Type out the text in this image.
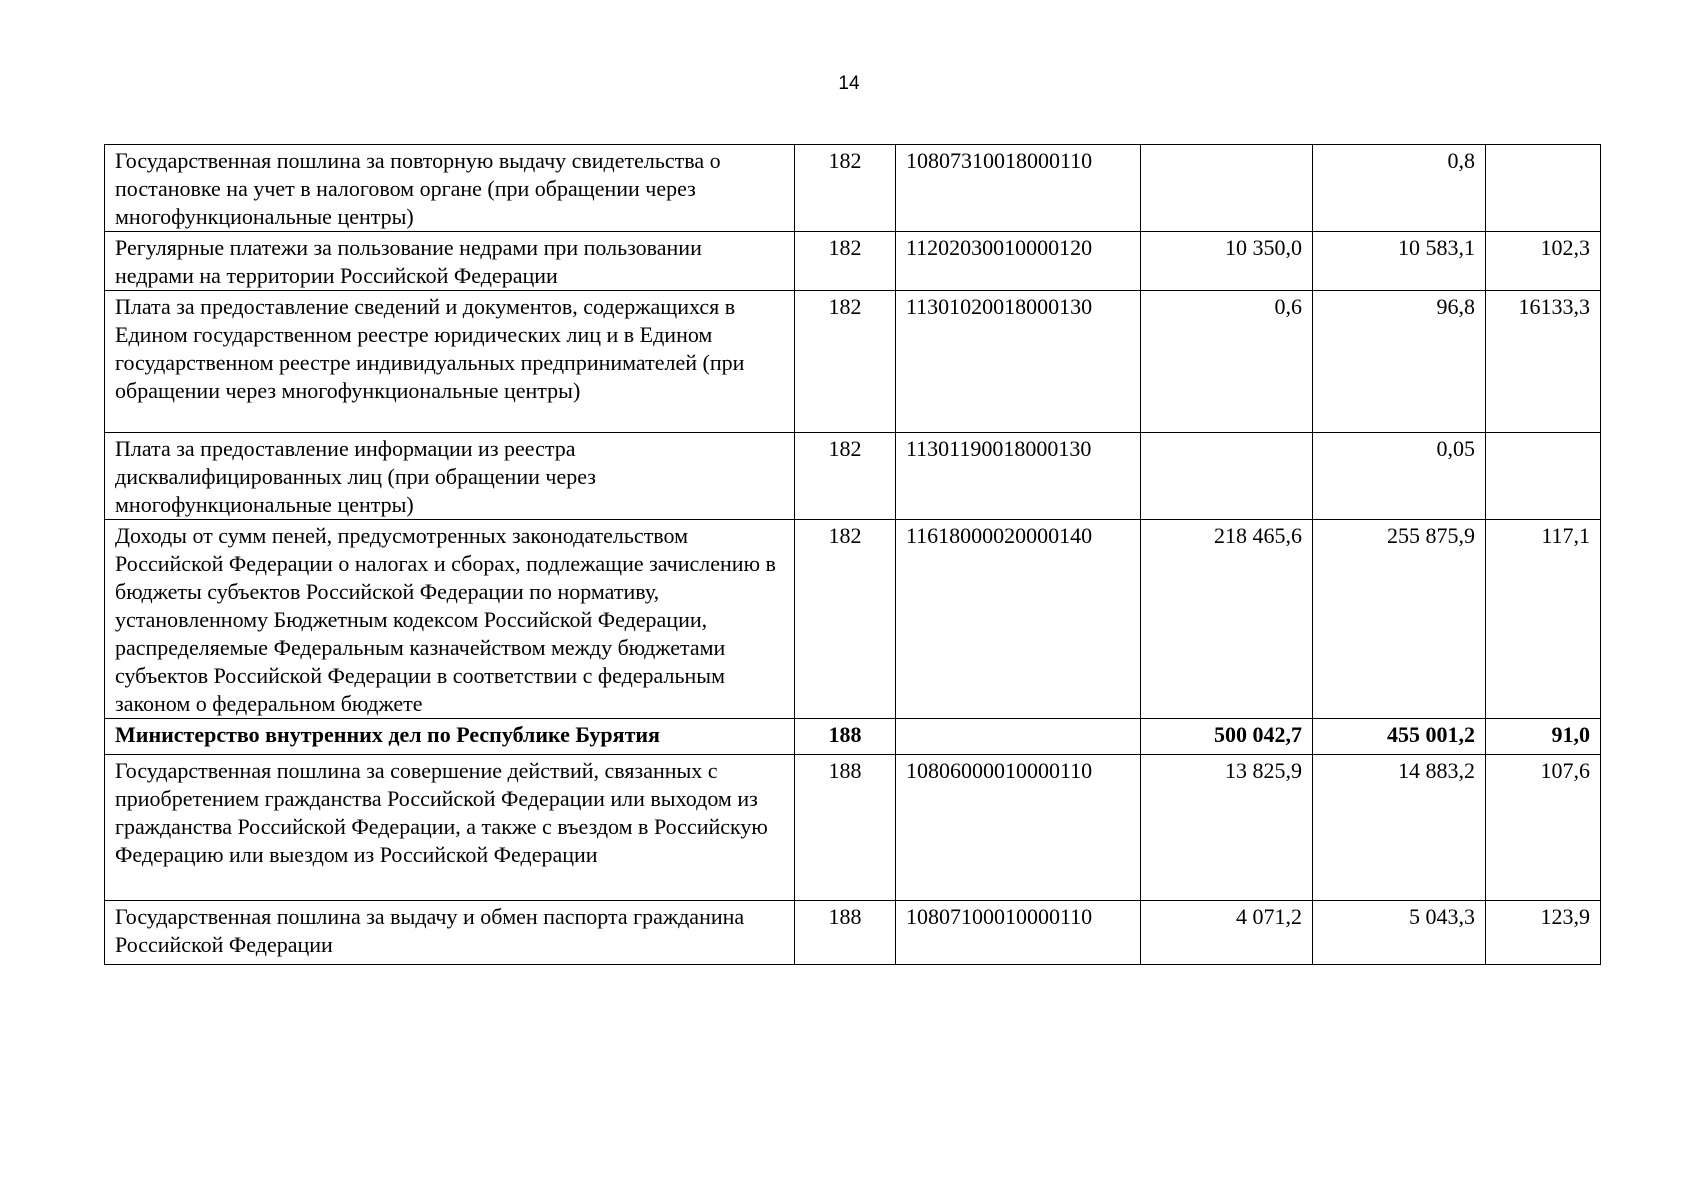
14
Государственная пошлина за повторную выдачу свидетельства о постановке на учет в налоговом органе (при обращении через многофункциональные центры)	182	10807310018000110		0,8	
Регулярные платежи за пользование недрами при пользовании недрами на территории Российской Федерации	182	11202030010000120	10 350,0	10 583,1	102,3
Плата за предоставление сведений и документов, содержащихся в Едином государственном реестре юридических лиц и в Едином государственном реестре индивидуальных предпринимателей (при обращении через многофункциональные центры)	182	11301020018000130	0,6	96,8	16133,3
Плата за предоставление информации из реестра дисквалифицированных лиц (при обращении через многофункциональные центры)	182	11301190018000130		0,05	
Доходы от сумм пеней, предусмотренных законодательством Российской Федерации о налогах и сборах, подлежащие зачислению в бюджеты субъектов Российской Федерации по нормативу, установленному Бюджетным кодексом Российской Федерации, распределяемые Федеральным казначейством между бюджетами субъектов Российской Федерации в соответствии с федеральным законом о федеральном бюджете	182	11618000020000140	218 465,6	255 875,9	117,1
Министерство внутренних дел по Республике Бурятия	188		500 042,7	455 001,2	91,0
Государственная пошлина за совершение действий, связанных с приобретением гражданства Российской Федерации или выходом из гражданства Российской Федерации, а также с въездом в Российскую Федерацию или выездом из Российской Федерации	188	10806000010000110	13 825,9	14 883,2	107,6
Государственная пошлина за выдачу и обмен паспорта гражданина Российской Федерации	188	10807100010000110	4 071,2	5 043,3	123,9
